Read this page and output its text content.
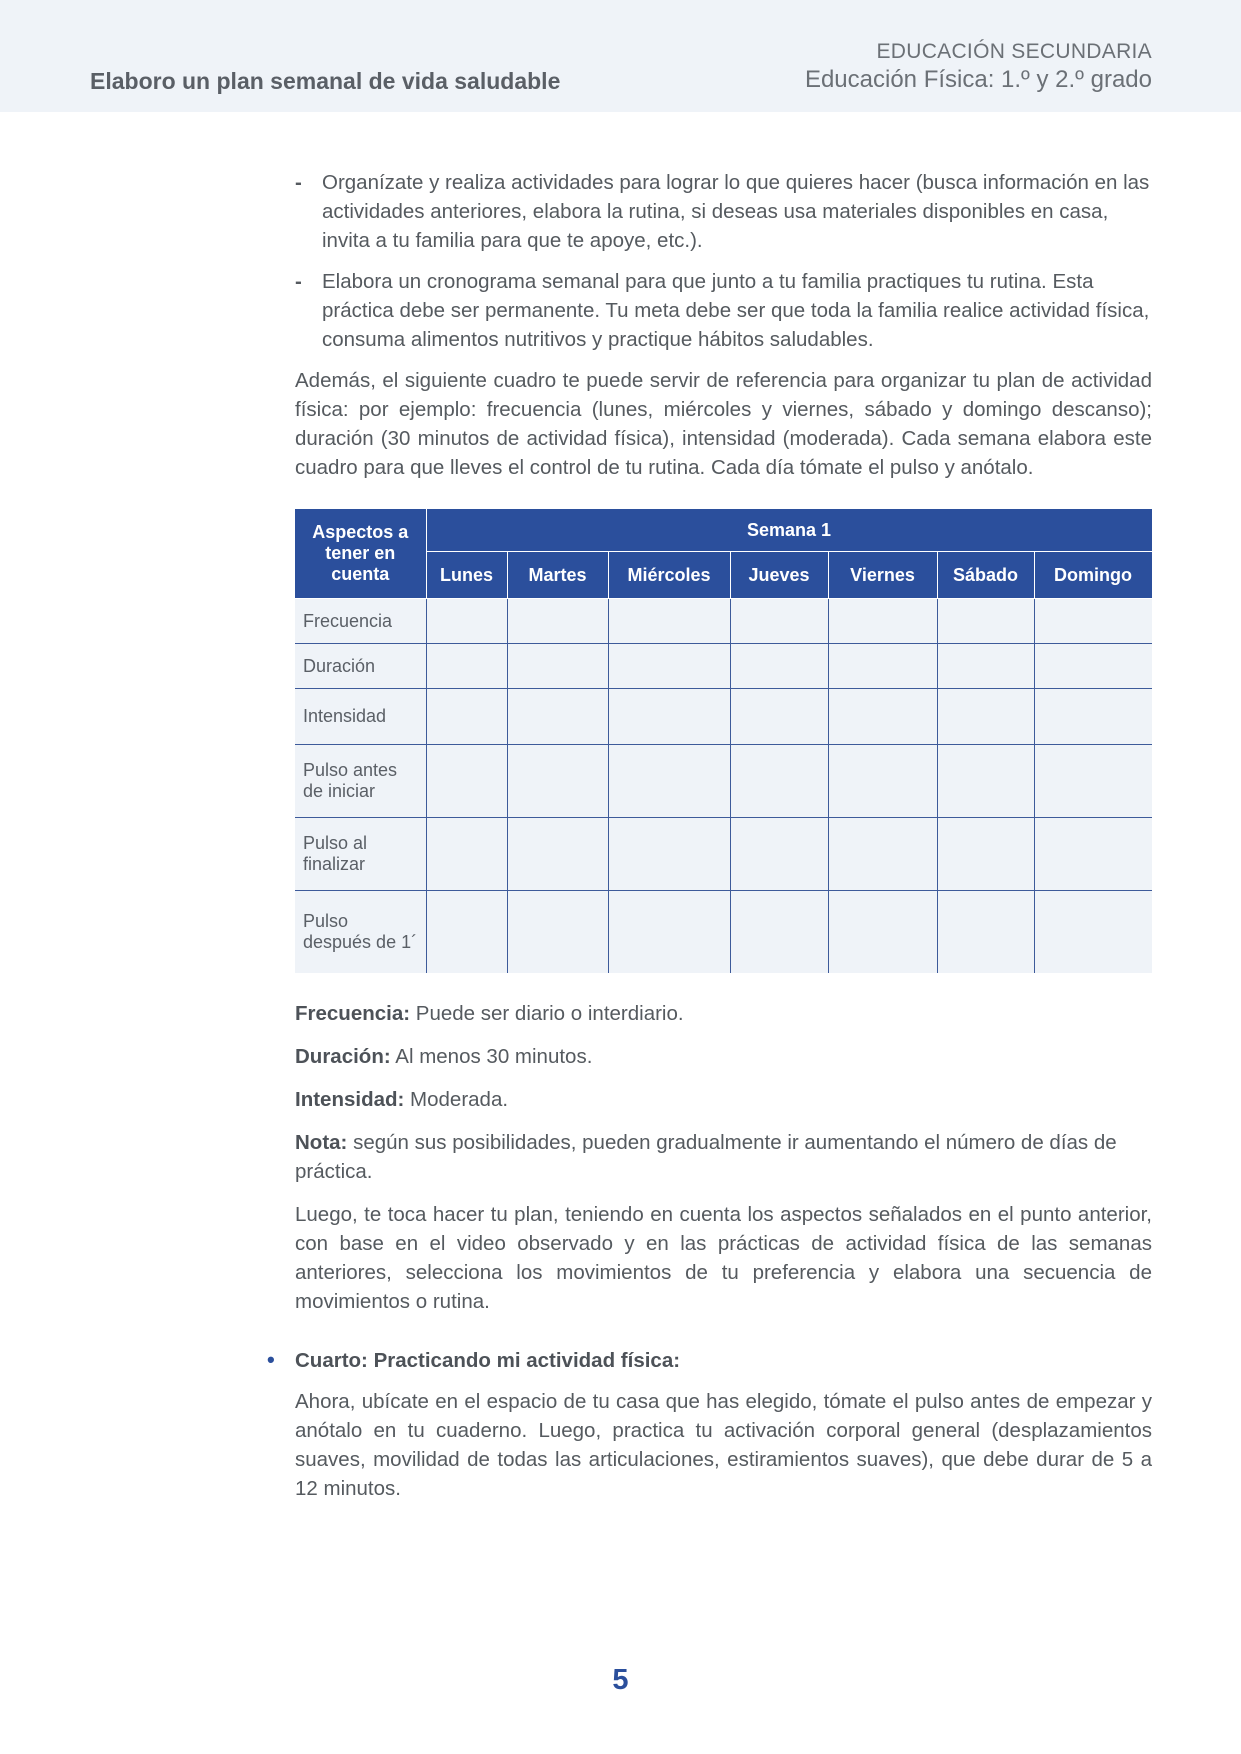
Elaboro un plan semanal de vida saludable
EDUCACIÓN SECUNDARIA
Educación Física: 1.º y 2.º grado
- Organízate y realiza actividades para lograr lo que quieres hacer (busca información en las actividades anteriores, elabora la rutina, si deseas usa materiales disponibles en casa, invita a tu familia para que te apoye, etc.).
- Elabora un cronograma semanal para que junto a tu familia practiques tu rutina. Esta práctica debe ser permanente. Tu meta debe ser que toda la familia realice actividad física, consuma alimentos nutritivos y practique hábitos saludables.

Además, el siguiente cuadro te puede servir de referencia para organizar tu plan de actividad física: por ejemplo: frecuencia (lunes, miércoles y viernes, sábado y domingo descanso); duración (30 minutos de actividad física), intensidad (moderada). Cada semana elabora este cuadro para que lleves el control de tu rutina. Cada día tómate el pulso y anótalo.

Aspectos a tener en cuenta	Semana 1						
	Lunes	Martes	Miércoles	Jueves	Viernes	Sábado	Domingo
Frecuencia							
Duración							
Intensidad							
Pulso antes de iniciar							
Pulso al finalizar							
Pulso después de 1´							

Frecuencia: Puede ser diario o interdiario.

Duración: Al menos 30 minutos.

Intensidad: Moderada.

Nota: según sus posibilidades, pueden gradualmente ir aumentando el número de días de práctica.

Luego, te toca hacer tu plan, teniendo en cuenta los aspectos señalados en el punto anterior, con base en el video observado y en las prácticas de actividad física de las semanas anteriores, selecciona los movimientos de tu preferencia y elabora una secuencia de movimientos o rutina.

• Cuarto: Practicando mi actividad física:

Ahora, ubícate en el espacio de tu casa que has elegido, tómate el pulso antes de empezar y anótalo en tu cuaderno. Luego, practica tu activación corporal general (desplazamientos suaves, movilidad de todas las articulaciones, estiramientos suaves), que debe durar de 5 a 12 minutos.

5
